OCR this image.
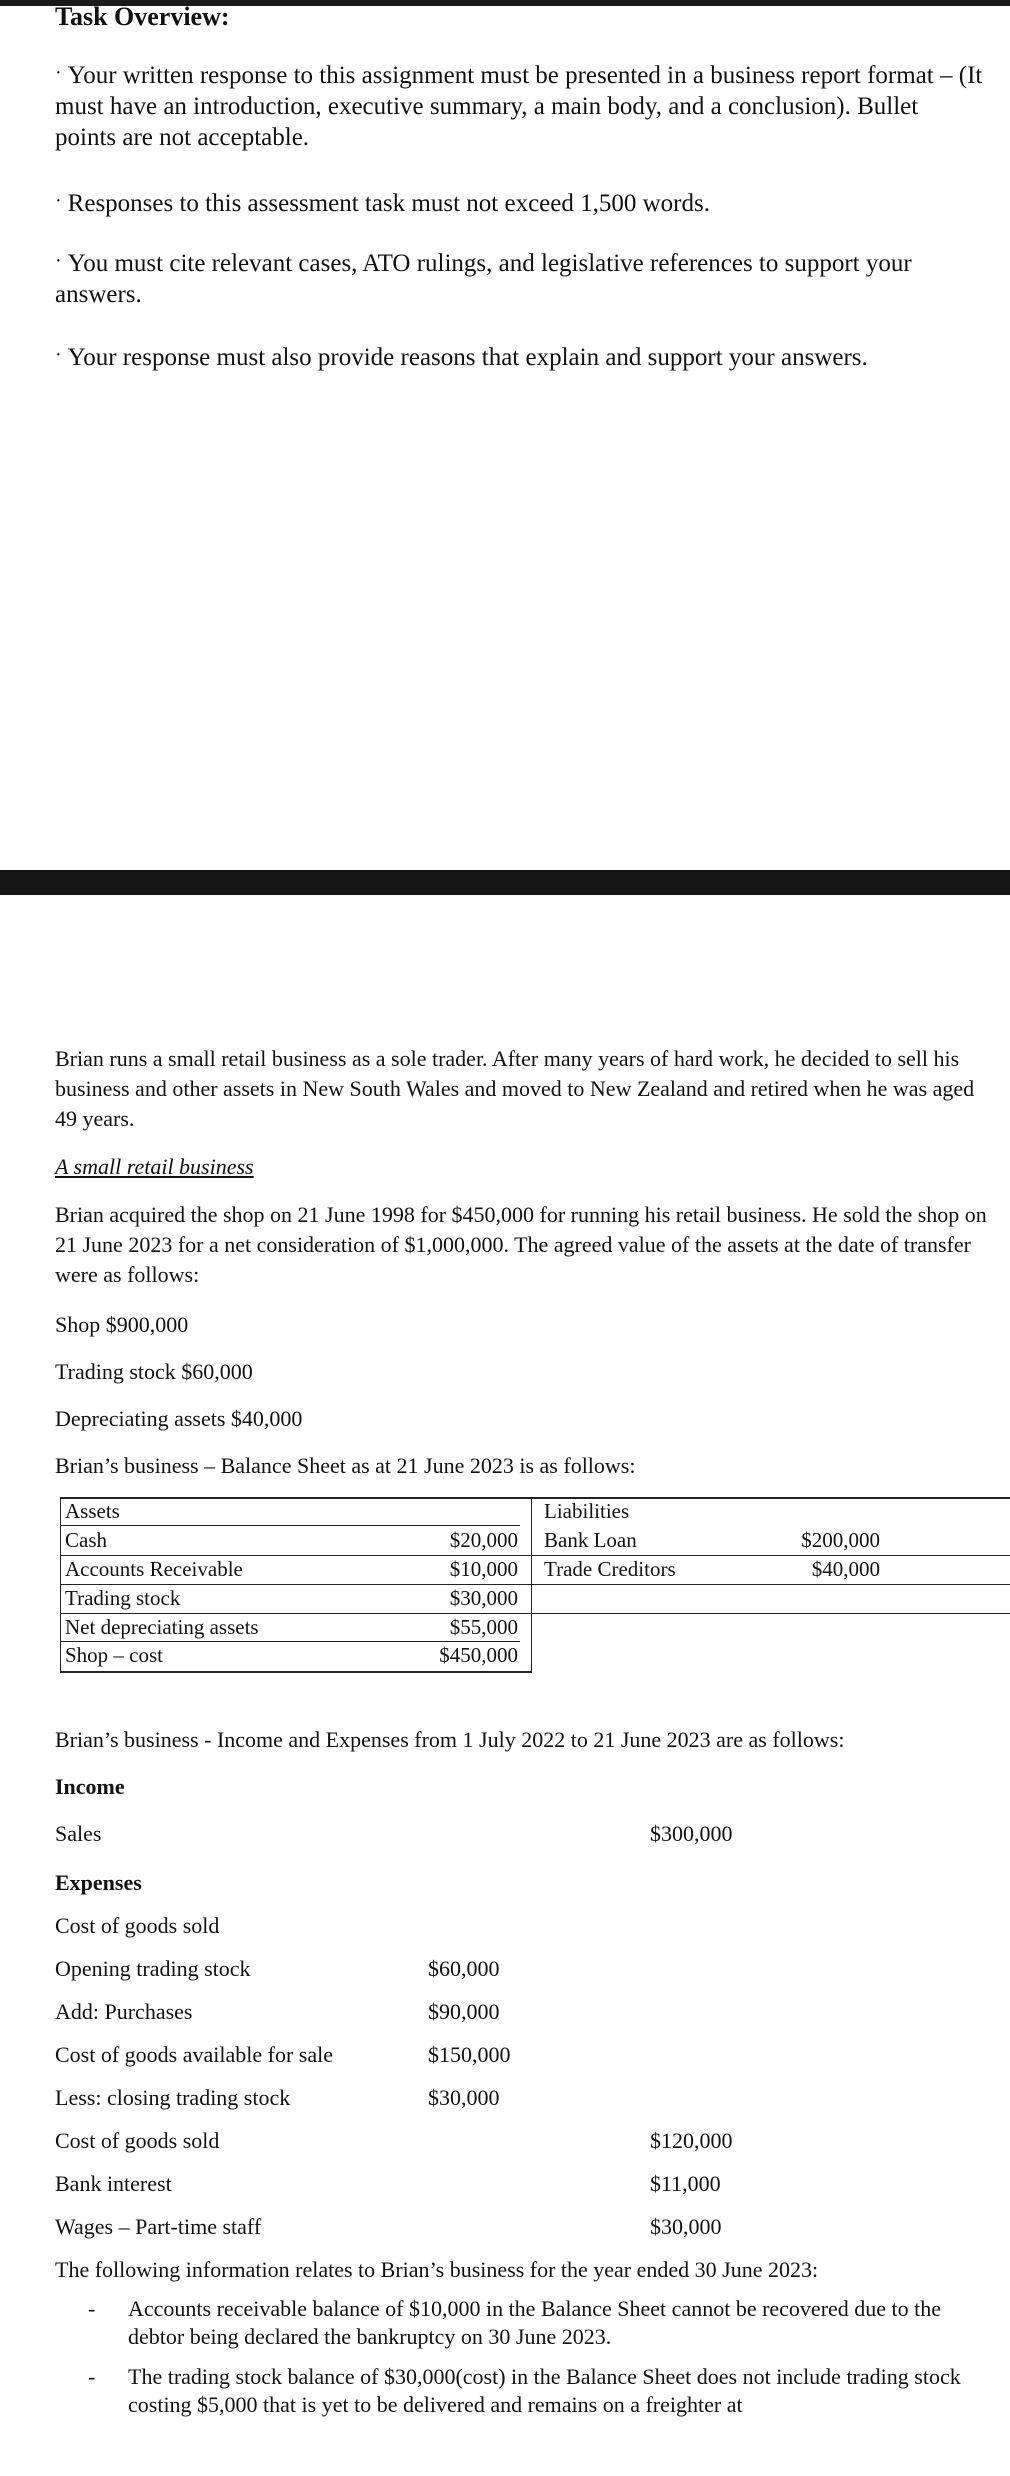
Task Overview:
· Your written response to this assignment must be presented in a business report format – (It must have an introduction, executive summary, a main body, and a conclusion). Bullet points are not acceptable.
· Responses to this assessment task must not exceed 1,500 words.
· You must cite relevant cases, ATO rulings, and legislative references to support your answers.
· Your response must also provide reasons that explain and support your answers.
Brian runs a small retail business as a sole trader. After many years of hard work, he decided to sell his business and other assets in New South Wales and moved to New Zealand and retired when he was aged 49 years.
A small retail business
Brian acquired the shop on 21 June 1998 for $450,000 for running his retail business. He sold the shop on 21 June 2023 for a net consideration of $1,000,000. The agreed value of the assets at the date of transfer were as follows:
Shop $900,000
Trading stock $60,000
Depreciating assets $40,000
Brian’s business – Balance Sheet as at 21 June 2023 is as follows:
Assets	Liabilities
Cash	$20,000 Bank Loan	$200,000
Accounts Receivable	$10,000 Trade Creditors	$40,000
Trading stock	$30,000
Net depreciating assets	$55,000
Shop – cost	$450,000
Brian’s business - Income and Expenses from 1 July 2022 to 21 June 2023 are as follows:
Income
Sales	$300,000
Expenses
Cost of goods sold
Opening trading stock	$60,000
Add: Purchases	$90,000
Cost of goods available for sale	$150,000
Less: closing trading stock	$30,000
Cost of goods sold	$120,000
Bank interest	$11,000
Wages – Part-time staff	$30,000
The following information relates to Brian’s business for the year ended 30 June 2023:
- Accounts receivable balance of $10,000 in the Balance Sheet cannot be recovered due to the debtor being declared the bankruptcy on 30 June 2023.
- The trading stock balance of $30,000(cost) in the Balance Sheet does not include trading stock costing $5,000 that is yet to be delivered and remains on a freighter at
